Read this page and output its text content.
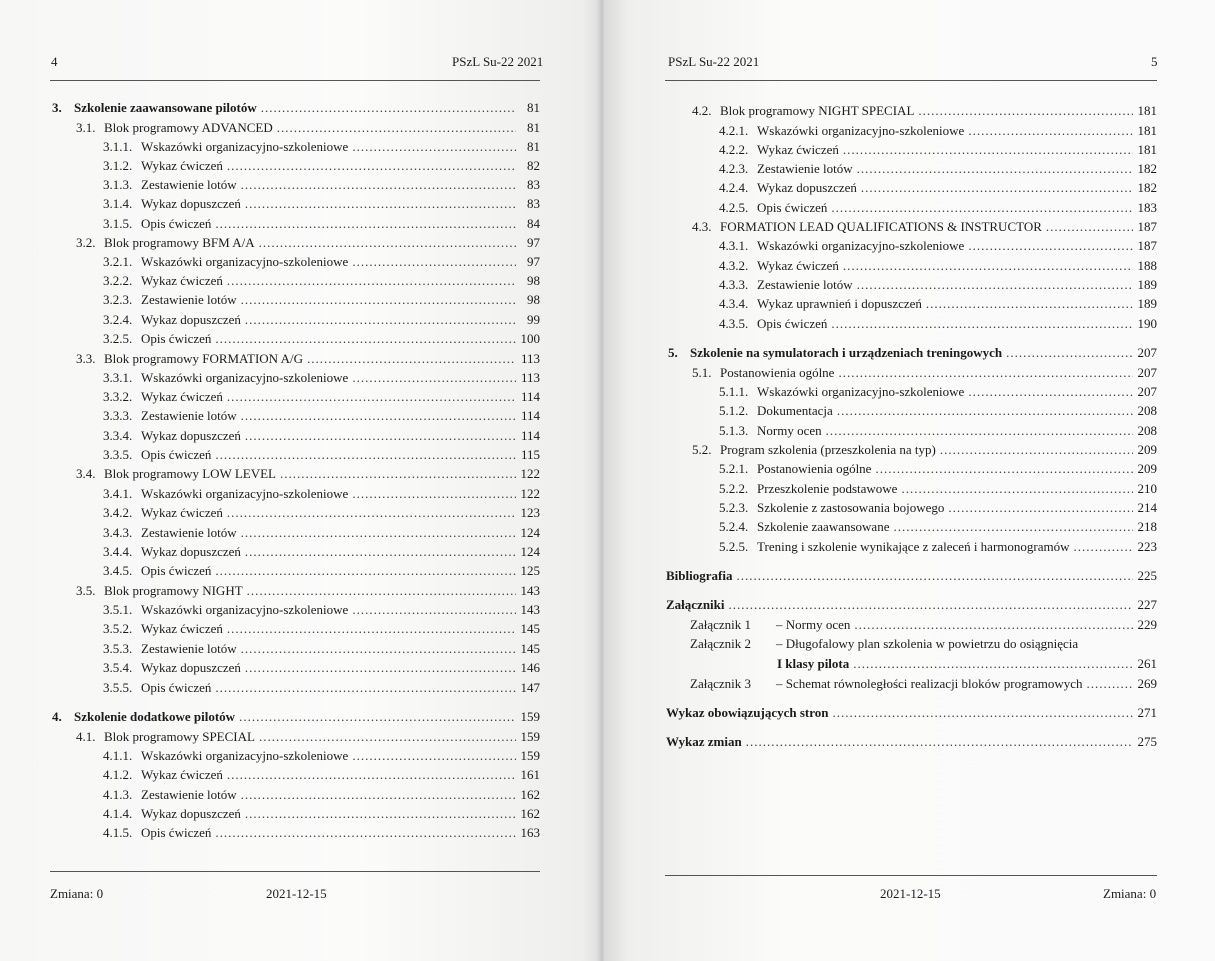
4	PSzL Su-22 2021
3. Szkolenie zaawansowane pilotów .....	81
3.1. Blok programowy ADVANCED .....	81
3.1.1. Wskazówki organizacyjno-szkoleniowe .....	81
3.1.2. Wykaz ćwiczeń .....	82
3.1.3. Zestawienie lotów .....	83
3.1.4. Wykaz dopuszczeń .....	83
3.1.5. Opis ćwiczeń .....	84
3.2. Blok programowy BFM A/A .....	97
3.2.1. Wskazówki organizacyjno-szkoleniowe .....	97
3.2.2. Wykaz ćwiczeń .....	98
3.2.3. Zestawienie lotów .....	98
3.2.4. Wykaz dopuszczeń .....	99
3.2.5. Opis ćwiczeń .....	100
3.3. Blok programowy FORMATION A/G .....	113
3.3.1. Wskazówki organizacyjno-szkoleniowe .....	113
3.3.2. Wykaz ćwiczeń .....	114
3.3.3. Zestawienie lotów .....	114
3.3.4. Wykaz dopuszczeń .....	114
3.3.5. Opis ćwiczeń .....	115
3.4. Blok programowy LOW LEVEL .....	122
3.4.1. Wskazówki organizacyjno-szkoleniowe .....	122
3.4.2. Wykaz ćwiczeń .....	123
3.4.3. Zestawienie lotów .....	124
3.4.4. Wykaz dopuszczeń .....	124
3.4.5. Opis ćwiczeń .....	125
3.5. Blok programowy NIGHT .....	143
3.5.1. Wskazówki organizacyjno-szkoleniowe .....	143
3.5.2. Wykaz ćwiczeń .....	145
3.5.3. Zestawienie lotów .....	145
3.5.4. Wykaz dopuszczeń .....	146
3.5.5. Opis ćwiczeń .....	147
4. Szkolenie dodatkowe pilotów .....	159
4.1. Blok programowy SPECIAL .....	159
4.1.1. Wskazówki organizacyjno-szkoleniowe .....	159
4.1.2. Wykaz ćwiczeń .....	161
4.1.3. Zestawienie lotów .....	162
4.1.4. Wykaz dopuszczeń .....	162
4.1.5. Opis ćwiczeń .....	163
Zmiana: 0	2021-12-15
PSzL Su-22 2021	5
4.2. Blok programowy NIGHT SPECIAL .....	181
4.2.1. Wskazówki organizacyjno-szkoleniowe .....	181
4.2.2. Wykaz ćwiczeń .....	181
4.2.3. Zestawienie lotów .....	182
4.2.4. Wykaz dopuszczeń .....	182
4.2.5. Opis ćwiczeń .....	183
4.3. FORMATION LEAD QUALIFICATIONS & INSTRUCTOR .....	187
4.3.1. Wskazówki organizacyjno-szkoleniowe .....	187
4.3.2. Wykaz ćwiczeń .....	188
4.3.3. Zestawienie lotów .....	189
4.3.4. Wykaz uprawnień i dopuszczeń .....	189
4.3.5. Opis ćwiczeń .....	190
5. Szkolenie na symulatorach i urządzeniach treningowych .....	207
5.1. Postanowienia ogólne .....	207
5.1.1. Wskazówki organizacyjno-szkoleniowe .....	207
5.1.2. Dokumentacja .....	208
5.1.3. Normy ocen .....	208
5.2. Program szkolenia (przeszkolenia na typ) .....	209
5.2.1. Postanowienia ogólne .....	209
5.2.2. Przeszkolenie podstawowe .....	210
5.2.3. Szkolenie z zastosowania bojowego .....	214
5.2.4. Szkolenie zaawansowane .....	218
5.2.5. Trening i szkolenie wynikające z zaleceń i harmonogramów .....	223
Bibliografia .....	225
Załączniki .....	227
Załącznik 1	– Normy ocen .....	229
Załącznik 2	– Długofalowy plan szkolenia w powietrzu do osiągnięcia
I klasy pilota .....	261
Załącznik 3	– Schemat równoległości realizacji bloków programowych .....	269
Wykaz obowiązujących stron .....	271
Wykaz zmian .....	275
2021-12-15	Zmiana: 0
